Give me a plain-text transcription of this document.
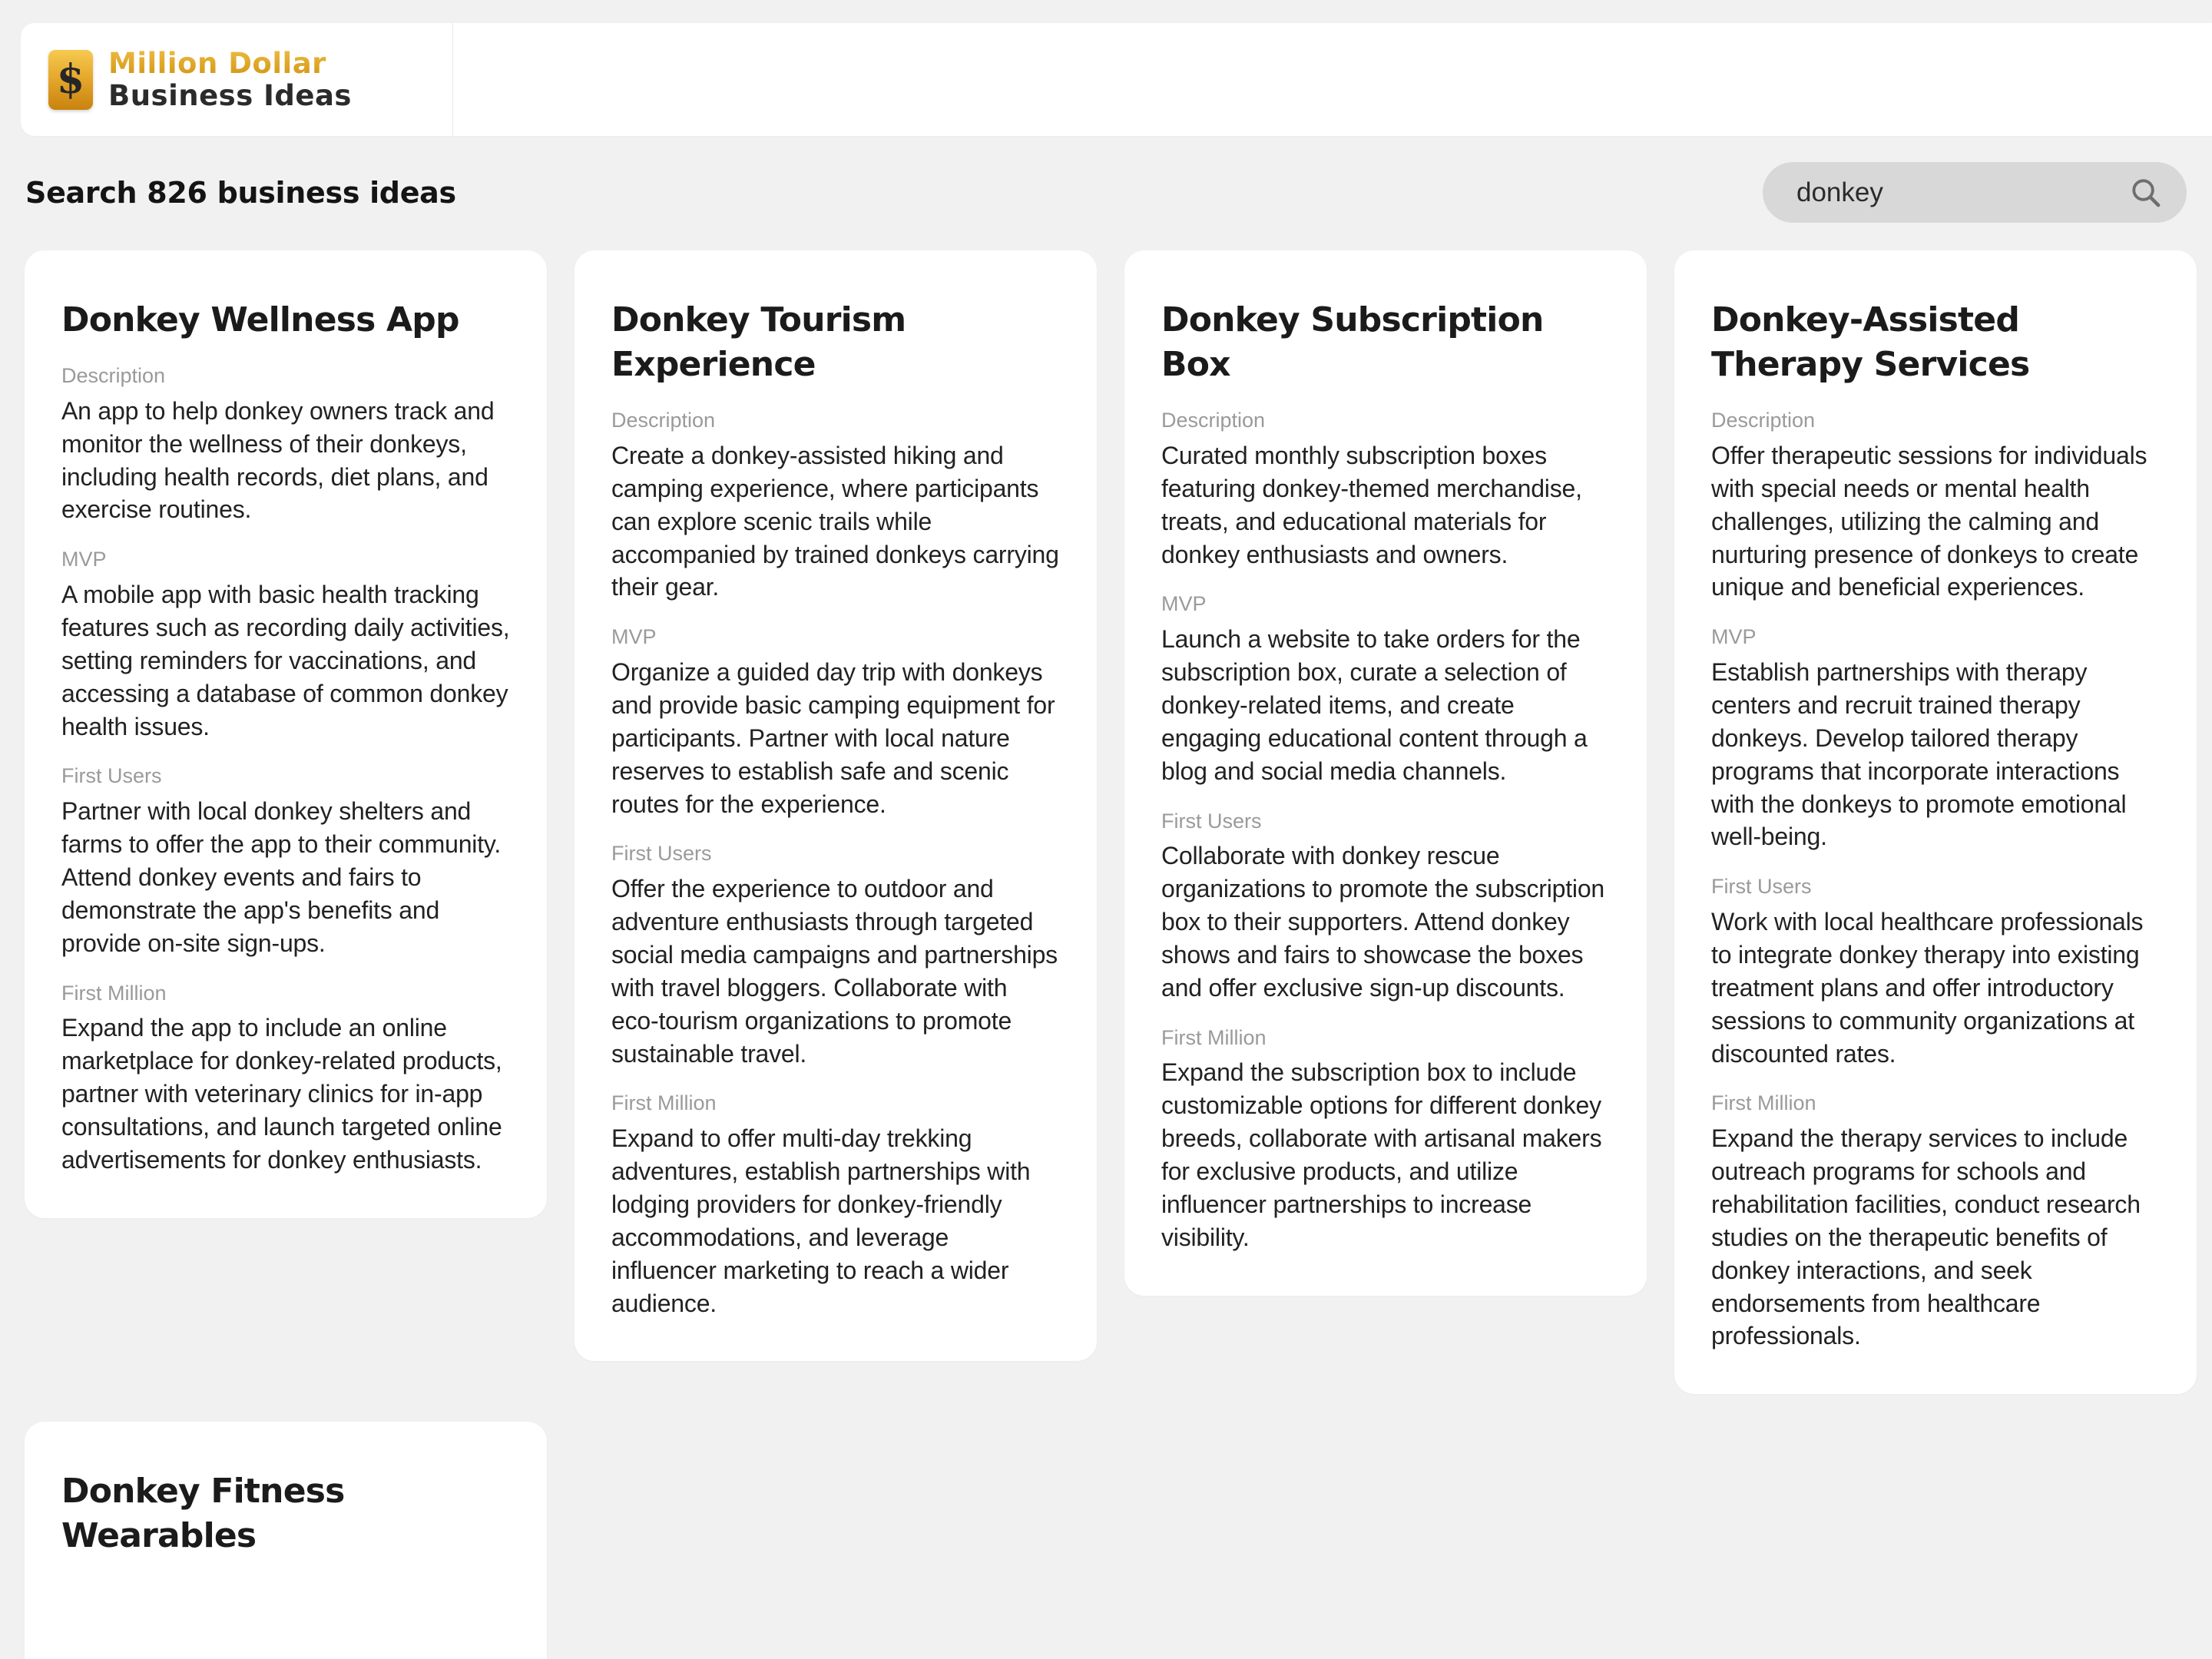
$ Million Dollar
Business Ideas
Search 826 business ideas
donkey
Donkey Wellness App
Description

An app to help donkey owners track and monitor the wellness of their donkeys, including health records, diet plans, and exercise routines.

MVP

A mobile app with basic health tracking features such as recording daily activities, setting reminders for vaccinations, and accessing a database of common donkey health issues.

First Users

Partner with local donkey shelters and farms to offer the app to their community. Attend donkey events and fairs to demonstrate the app's benefits and provide on-site sign-ups.

First Million

Expand the app to include an online marketplace for donkey-related products, partner with veterinary clinics for in-app consultations, and launch targeted online advertisements for donkey enthusiasts.

Donkey Tourism Experience
Description

Create a donkey-assisted hiking and camping experience, where participants can explore scenic trails while accompanied by trained donkeys carrying their gear.

MVP

Organize a guided day trip with donkeys and provide basic camping equipment for participants. Partner with local nature reserves to establish safe and scenic routes for the experience.

First Users

Offer the experience to outdoor and adventure enthusiasts through targeted social media campaigns and partnerships with travel bloggers. Collaborate with eco-tourism organizations to promote sustainable travel.

First Million

Expand to offer multi-day trekking adventures, establish partnerships with lodging providers for donkey-friendly accommodations, and leverage influencer marketing to reach a wider audience.

Donkey Subscription Box
Description

Curated monthly subscription boxes featuring donkey-themed merchandise, treats, and educational materials for donkey enthusiasts and owners.

MVP

Launch a website to take orders for the subscription box, curate a selection of donkey-related items, and create engaging educational content through a blog and social media channels.

First Users

Collaborate with donkey rescue organizations to promote the subscription box to their supporters. Attend donkey shows and fairs to showcase the boxes and offer exclusive sign-up discounts.

First Million

Expand the subscription box to include customizable options for different donkey breeds, collaborate with artisanal makers for exclusive products, and utilize influencer partnerships to increase visibility.

Donkey-Assisted Therapy Services
Description

Offer therapeutic sessions for individuals with special needs or mental health challenges, utilizing the calming and nurturing presence of donkeys to create unique and beneficial experiences.

MVP

Establish partnerships with therapy centers and recruit trained therapy donkeys. Develop tailored therapy programs that incorporate interactions with the donkeys to promote emotional well-being.

First Users

Work with local healthcare professionals to integrate donkey therapy into existing treatment plans and offer introductory sessions to community organizations at discounted rates.

First Million

Expand the therapy services to include outreach programs for schools and rehabilitation facilities, conduct research studies on the therapeutic benefits of donkey interactions, and seek endorsements from healthcare professionals.

Donkey Fitness Wearables
